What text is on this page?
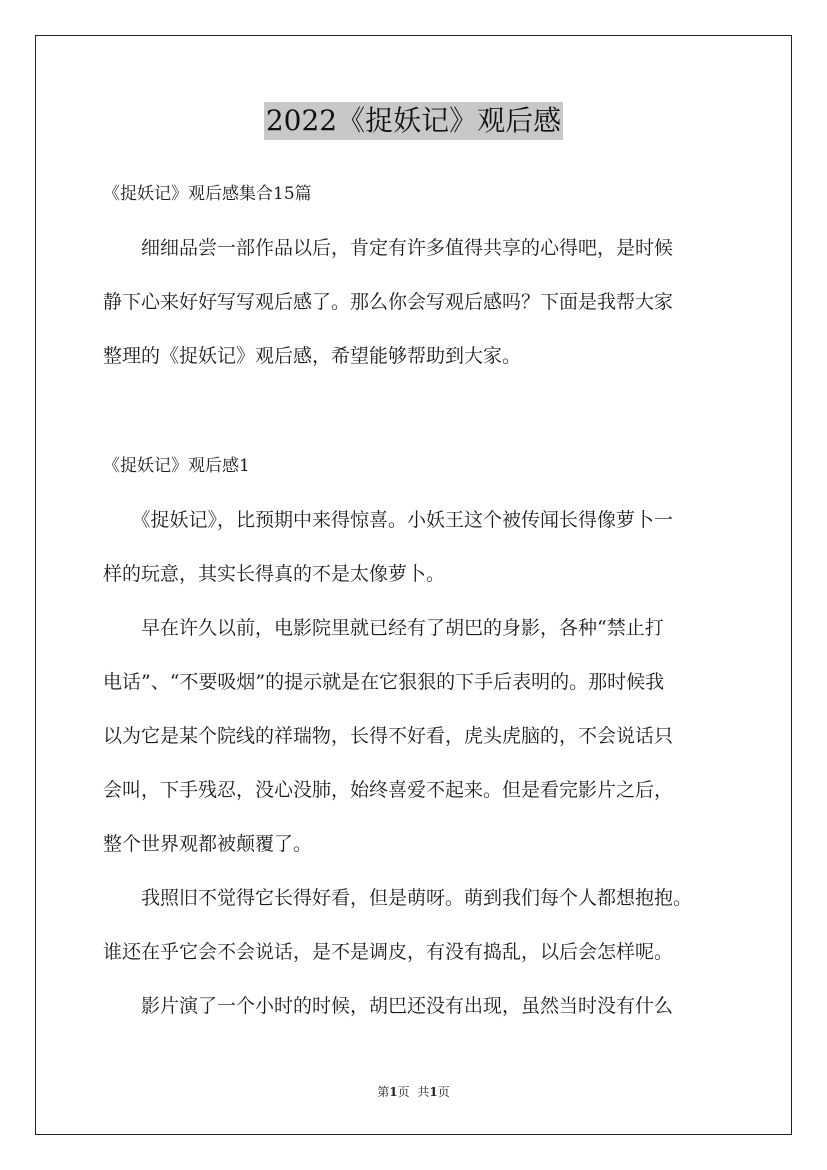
2022《捉妖记》观后感
《捉妖记》观后感集合15篇
　　细细品尝一部作品以后，肯定有许多值得共享的心得吧，是时候
静下心来好好写写观后感了。那么你会写观后感吗？下面是我帮大家
整理的《捉妖记》观后感，希望能够帮助到大家。
《捉妖记》观后感1
　　《捉妖记》，比预期中来得惊喜。小妖王这个被传闻长得像萝卜一
样的玩意，其实长得真的不是太像萝卜。
　　早在许久以前，电影院里就已经有了胡巴的身影，各种“禁止打
电话”、“不要吸烟”的提示就是在它狠狠的下手后表明的。那时候我
以为它是某个院线的祥瑞物，长得不好看，虎头虎脑的，不会说话只
会叫，下手残忍，没心没肺，始终喜爱不起来。但是看完影片之后，
整个世界观都被颠覆了。
　　我照旧不觉得它长得好看，但是萌呀。萌到我们每个人都想抱抱。
谁还在乎它会不会说话，是不是调皮，有没有捣乱，以后会怎样呢。
　　影片演了一个小时的时候，胡巴还没有出现，虽然当时没有什么
第1页 共1页
